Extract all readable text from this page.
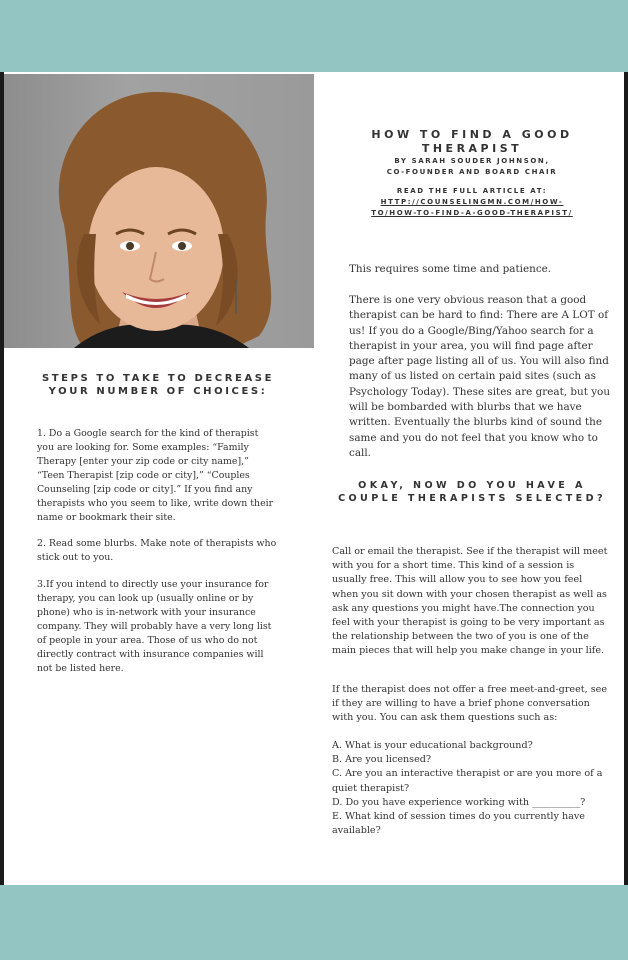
HOW TO FIND A GOOD THERAPIST
BY SARAH SOUDER JOHNSON,
CO-FOUNDER AND BOARD CHAIR
READ THE FULL ARTICLE AT:
HTTP://COUNSELINGMN.COM/HOW-
TO/HOW-TO-FIND-A-GOOD-THERAPIST/

This requires some time and patience.

There is one very obvious reason that a good therapist can be hard to find: There are A LOT of us! If you do a Google/Bing/Yahoo search for a therapist in your area, you will find page after page after page listing all of us. You will also find many of us listed on certain paid sites (such as Psychology Today). These sites are great, but you will be bombarded with blurbs that we have written. Eventually the blurbs kind of sound the same and you do not feel that you know who to call.

OKAY, NOW DO YOU HAVE A COUPLE THERAPISTS SELECTED?

Call or email the therapist. See if the therapist will meet with you for a short time. This kind of a session is usually free. This will allow you to see how you feel when you sit down with your chosen therapist as well as ask any questions you might have.The connection you feel with your therapist is going to be very important as the relationship between the two of you is one of the main pieces that will help you make change in your life.

If the therapist does not offer a free meet-and-greet, see if they are willing to have a brief phone conversation with you. You can ask them questions such as:

A. What is your educational background?
B. Are you licensed?
C. Are you an interactive therapist or are you more of a quiet therapist?
D. Do you have experience working with __________?
E. What kind of session times do you currently have available?
STEPS TO TAKE TO DECREASE YOUR NUMBER OF CHOICES:

1. Do a Google search for the kind of therapist you are looking for. Some examples: “Family Therapy [enter your zip code or city name],” “Teen Therapist [zip code or city],” “Couples Counseling [zip code or city].” If you find any therapists who you seem to like, write down their name or bookmark their site.

2. Read some blurbs. Make note of therapists who stick out to you.

3.If you intend to directly use your insurance for therapy, you can look up (usually online or by phone) who is in-network with your insurance company. They will probably have a very long list of people in your area. Those of us who do not directly contract with insurance companies will not be listed here.
